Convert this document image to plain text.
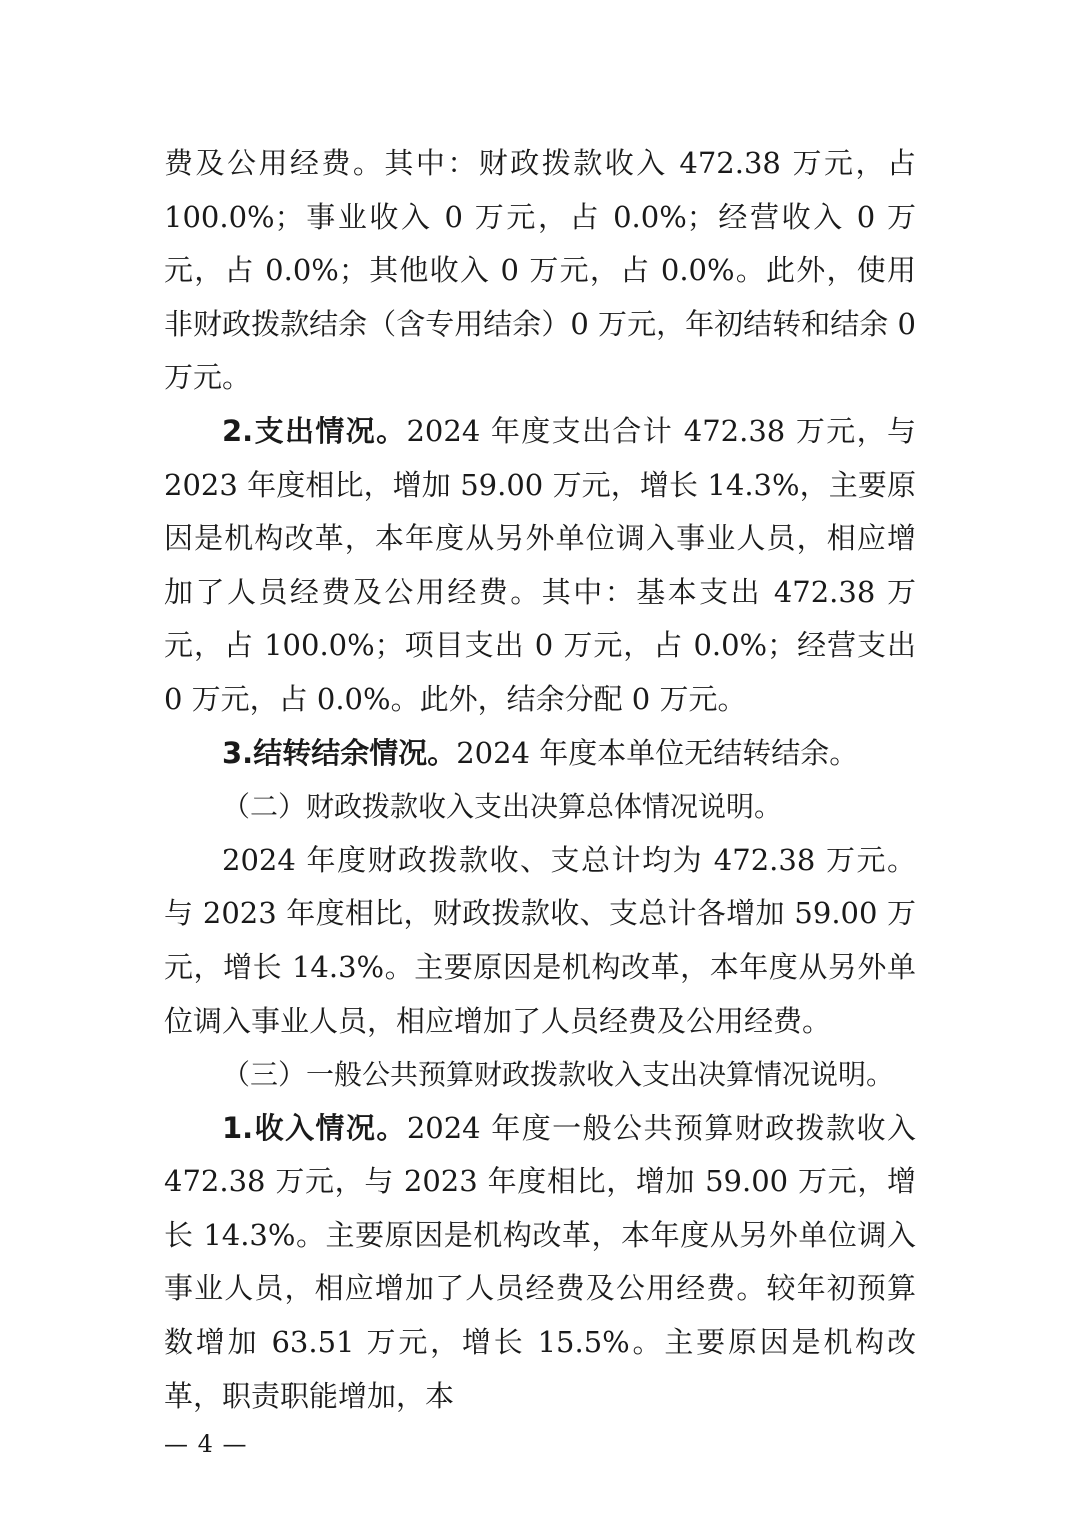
费及公用经费。其中：财政拨款收入 472.38 万元，占 100.0%；事业收入 0 万元，占 0.0%；经营收入 0 万元，占 0.0%；其他收入 0 万元，占 0.0%。此外，使用非财政拨款结余（含专用结余）0 万元，年初结转和结余 0 万元。

2.支出情况。2024 年度支出合计 472.38 万元，与 2023 年度相比，增加 59.00 万元，增长 14.3%，主要原因是机构改革，本年度从另外单位调入事业人员，相应增加了人员经费及公用经费。其中：基本支出 472.38 万元，占 100.0%；项目支出 0 万元，占 0.0%；经营支出 0 万元，占 0.0%。此外，结余分配 0 万元。

3.结转结余情况。2024 年度本单位无结转结余。

（二）财政拨款收入支出决算总体情况说明。

2024 年度财政拨款收、支总计均为 472.38 万元。与 2023 年度相比，财政拨款收、支总计各增加 59.00 万元，增长 14.3%。主要原因是机构改革，本年度从另外单位调入事业人员，相应增加了人员经费及公用经费。

（三）一般公共预算财政拨款收入支出决算情况说明。

1.收入情况。2024 年度一般公共预算财政拨款收入 472.38 万元，与 2023 年度相比，增加 59.00 万元，增长 14.3%。主要原因是机构改革，本年度从另外单位调入事业人员，相应增加了人员经费及公用经费。较年初预算数增加 63.51 万元，增长 15.5%。主要原因是机构改革，职责职能增加，本

— 4 —
